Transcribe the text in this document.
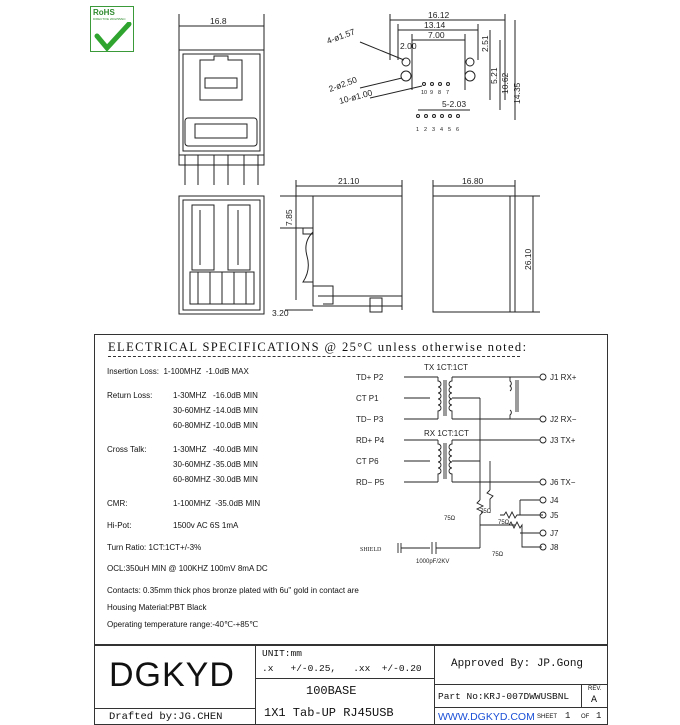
RoHS
DIRECTIVE 2002/95/EC	16.8
16.12
13.14
7.00
2.00	2.51
4-ø1.57
2-ø2.50
10-ø1.00
5.21 10.62 14.35
5-2.03
21.10
7.85
3.20
16.80
26.10
10 9 8 7
1 2 3 4 5 6
ELECTRICAL SPECIFICATIONS @ 25°C unless otherwise noted:
Insertion Loss:  1-100MHZ  -1.0dB MAX
Return Loss:	1-30MHZ   -16.0dB MIN
30-60MHZ -14.0dB MIN
60-80MHZ -10.0dB MIN
Cross Talk:	1-30MHZ   -40.0dB MIN
30-60MHZ -35.0dB MIN
60-80MHZ -30.0dB MIN
CMR:	1-100MHZ  -35.0dB MIN
Hi-Pot:	1500v AC 6S 1mA
Turn Ratio: 1CT:1CT+/-3%
OCL:350uH MIN @ 100KHZ 100mV 8mA DC
Contacts: 0.35mm thick phos bronze plated with 6u" gold in contact are
Housing Material:PBT Black
Operating temperature range:-40℃-+85℃
TX 1CT:1CT
RX 1CT:1CT
TD+ P2
CT P1
TD− P3
RD+ P4
CT P6
RD− P5
J1 RX+
J2 RX−
J3 TX+
J6 TX−
J4
J5
J7
J8
75Ω
75Ω
75Ω
75Ω
SHIELD
1000pF/2KV
DGKYD
UNIT:mm
.x   +/-0.25,   .xx  +/-0.20	Approved By: JP.Gong
100BASE
1X1 Tab-UP RJ45USB
Part No:KRJ-007DWWUSBNL
REV.
A
Drafted by:JG.CHEN	WWW.DGKYD.COM SHEET 1 OF 1
